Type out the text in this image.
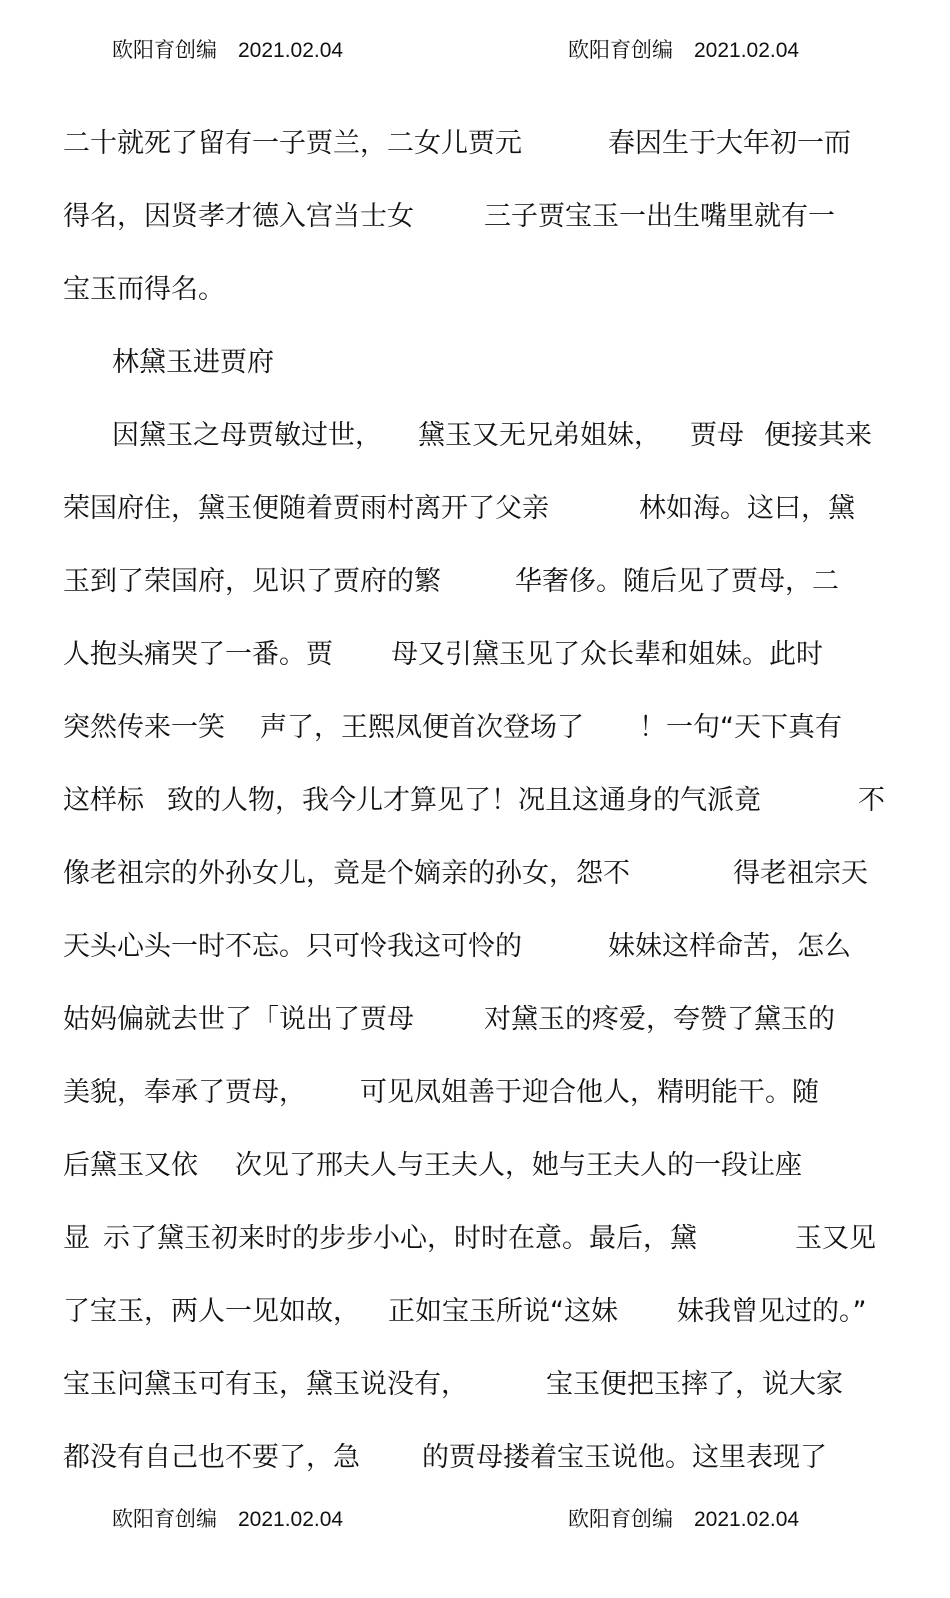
欧阳育创编　2021.02.04	欧阳育创编　2021.02.04

二十就死了留有一子贾兰，二女儿贾元

	春因生于大年初一而

得名，因贤孝才德入宫当士女

	三子贾宝玉一出生嘴里就有一

宝玉而得名。

林黛玉进贾府

因黛玉之母贾敏过世，

黛玉又无兄弟姐妹，

贾母

便接其来

荣国府住，黛玉便随着贾雨村离开了父亲

	林如海。这曰，黛

玉到了荣国府，见识了贾府的繁

	华奢侈。随后见了贾母，二

人抱头痛哭了一番。贾

母又引黛玉见了众长辈和姐妹。此时

突然传来一笑

声了，王熙凤便首次登场了

！一句“天下真有

这样标

致的人物，我今儿才算见了！况且这通身的气派竟

	不

像老祖宗的外孙女儿，竟是个嫡亲的孙女，怨不

	得老祖宗天

天头心头一时不忘。只可怜我这可怜的

	妹妹这样命苦，怎么

姑妈偏就去世了「说出了贾母

	对黛玉的疼爱，夸赞了黛玉的

美貌，奉承了贾母，

可见凤姐善于迎合他人，精明能干。随

后黛玉又依

次见了邢夫人与王夫人，她与王夫人的一段让座

显

示了黛玉初来时的步步小心，时时在意。最后，黛

	玉又见

了宝玉，两人一见如故，

正如宝玉所说“这妹

妹我曾见过的。”

宝玉问黛玉可有玉，黛玉说没有，

	宝玉便把玉摔了，说大家

都没有自己也不要了，急

的贾母搂着宝玉说他。这里表现了

欧阳育创编　2021.02.04	欧阳育创编　2021.02.04
